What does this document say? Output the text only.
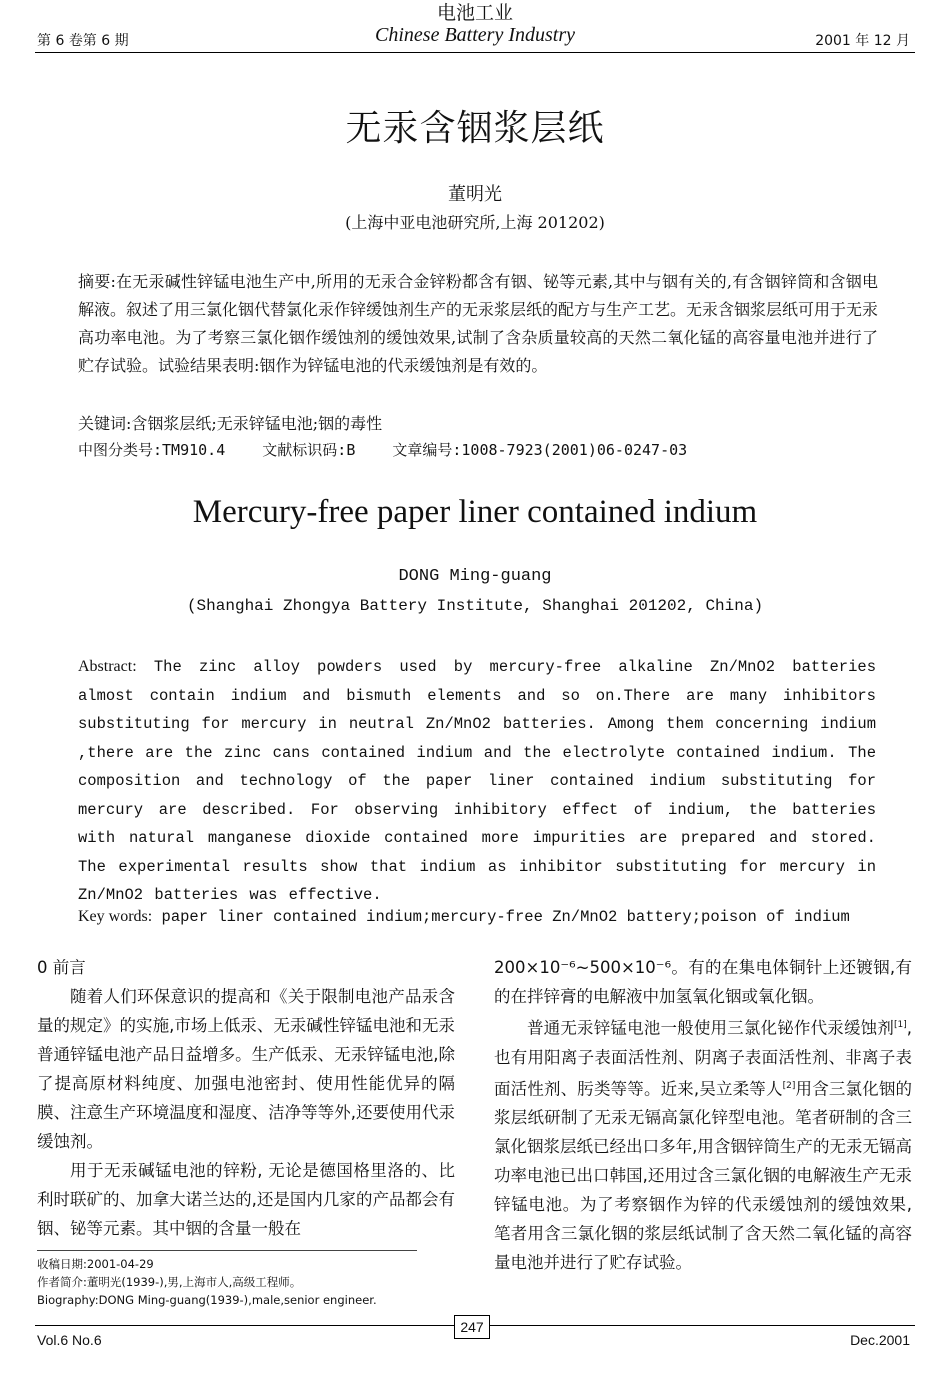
电池工业
第 6 卷第 6 期	Chinese Battery Industry	2001 年 12 月
无汞含铟浆层纸
董明光
(上海中亚电池研究所,上海 201202)
摘要:在无汞碱性锌锰电池生产中,所用的无汞合金锌粉都含有铟、铋等元素,其中与铟有关的,有含铟锌筒和含铟电解液。叙述了用三氯化铟代替氯化汞作锌缓蚀剂生产的无汞浆层纸的配方与生产工艺。无汞含铟浆层纸可用于无汞高功率电池。为了考察三氯化铟作缓蚀剂的缓蚀效果,试制了含杂质量较高的天然二氧化锰的高容量电池并进行了贮存试验。试验结果表明:铟作为锌锰电池的代汞缓蚀剂是有效的。
关键词:含铟浆层纸;无汞锌锰电池;铟的毒性
中图分类号:TM910.4 文献标识码:B 文章编号:1008-7923(2001)06-0247-03
Mercury-free paper liner contained indium
DONG Ming-guang
(Shanghai Zhongya Battery Institute, Shanghai 201202, China)
Abstract: The zinc alloy powders used by mercury-free alkaline Zn/MnO2 batteries almost contain indium and bismuth elements and so on.There are many inhibitors substituting for mercury in neutral Zn/MnO2 batteries. Among them concerning indium ,there are the zinc cans contained indium and the electrolyte contained indium. The composition and technology of the paper liner contained indium substituting for mercury are described. For observing inhibitory effect of indium, the batteries with natural manganese dioxide contained more impurities are prepared and stored. The experimental results show that indium as inhibitor substituting for mercury in Zn/MnO2 batteries was effective.
Key words: paper liner contained indium;mercury-free Zn/MnO2 battery;poison of indium

0 前言

随着人们环保意识的提高和《关于限制电池产品汞含量的规定》的实施,市场上低汞、无汞碱性锌锰电池和无汞普通锌锰电池产品日益增多。生产低汞、无汞锌锰电池,除了提高原材料纯度、加强电池密封、使用性能优异的隔膜、注意生产环境温度和湿度、洁净等等外,还要使用代汞缓蚀剂。

用于无汞碱锰电池的锌粉, 无论是德国格里洛的、比利时联矿的、加拿大诺兰达的,还是国内几家的产品都会有铟、铋等元素。其中铟的含量一般在

200×10⁻⁶~500×10⁻⁶。有的在集电体铜针上还镀铟,有的在拌锌膏的电解液中加氢氧化铟或氧化铟。

普通无汞锌锰电池一般使用三氯化铋作代汞缓蚀剂[1],也有用阳离子表面活性剂、阴离子表面活性剂、非离子表面活性剂、肟类等等。近来,吴立柔等人[2]用含三氯化铟的浆层纸研制了无汞无镉高氯化锌型电池。笔者研制的含三氯化铟浆层纸已经出口多年,用含铟锌筒生产的无汞无镉高功率电池已出口韩国,还用过含三氯化铟的电解液生产无汞锌锰电池。为了考察铟作为锌的代汞缓蚀剂的缓蚀效果, 笔者用含三氯化铟的浆层纸试制了含天然二氧化锰的高容量电池并进行了贮存试验。

收稿日期:2001-04-29
作者简介:董明光(1939-),男,上海市人,高级工程师。
Biography:DONG Ming-guang(1939-),male,senior engineer.
247
Vol.6 No.6	Dec.2001
